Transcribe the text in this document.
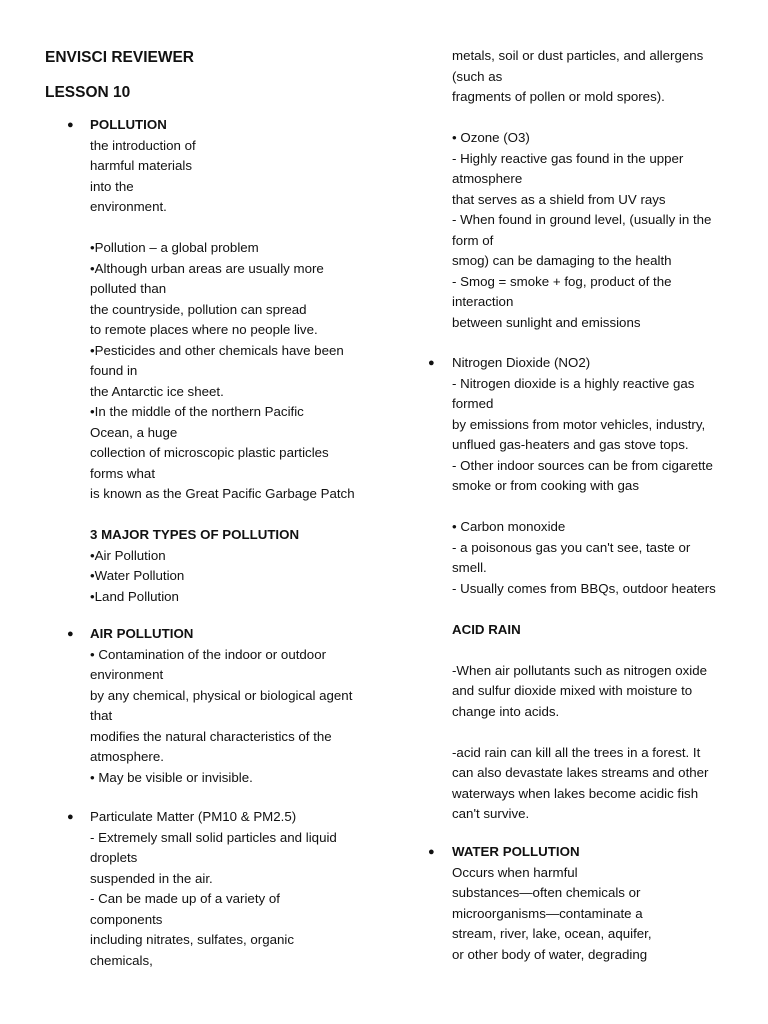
ENVISCI REVIEWER
LESSON 10
POLLUTION
the introduction of
harmful materials
into the
environment.
•Pollution – a global problem
•Although urban areas are usually more
polluted than
the countryside, pollution can spread
to remote places where no people live.
•Pesticides and other chemicals have been
found in
the Antarctic ice sheet.
•In the middle of the northern Pacific
Ocean, a huge
collection of microscopic plastic particles
forms what
is known as the Great Pacific Garbage Patch
3 MAJOR TYPES OF POLLUTION
•Air Pollution
•Water Pollution
•Land Pollution
AIR POLLUTION
• Contamination of the indoor or outdoor
environment
by any chemical, physical or biological agent
that
modifies the natural characteristics of the
atmosphere.
• May be visible or invisible.
Particulate Matter (PM10 & PM2.5)
- Extremely small solid particles and liquid
droplets
suspended in the air.
- Can be made up of a variety of
components
including nitrates, sulfates, organic
chemicals,
●
●
●
metals, soil or dust particles, and allergens
(such as
fragments of pollen or mold spores).
• Ozone (O3)
- Highly reactive gas found in the upper
atmosphere
that serves as a shield from UV rays
- When found in ground level, (usually in the
form of
smog) can be damaging to the health
- Smog = smoke + fog, product of the
interaction
between sunlight and emissions
Nitrogen Dioxide (NO2)
- Nitrogen dioxide is a highly reactive gas
formed
by emissions from motor vehicles, industry,
unflued gas-heaters and gas stove tops.
- Other indoor sources can be from cigarette
smoke or from cooking with gas
• Carbon monoxide
- a poisonous gas you can't see, taste or
smell.
- Usually comes from BBQs, outdoor heaters
ACID RAIN
-When air pollutants such as nitrogen oxide
and sulfur dioxide mixed with moisture to
change into acids.
-acid rain can kill all the trees in a forest. It
can also devastate lakes streams and other
waterways when lakes become acidic fish
can't survive.
WATER POLLUTION
Occurs when harmful
substances—often chemicals or
microorganisms—contaminate a
stream, river, lake, ocean, aquifer,
or other body of water, degrading
●
●
